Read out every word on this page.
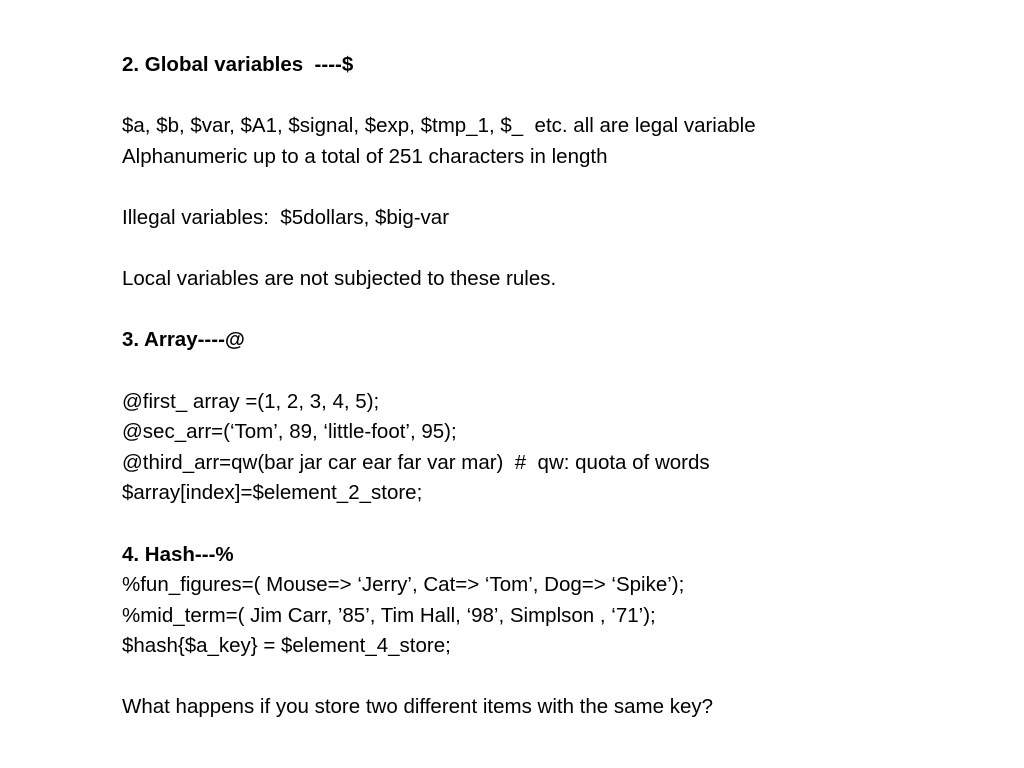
2. Global variables  ----$
$a, $b, $var, $A1, $signal, $exp, $tmp_1, $_  etc. all are legal variable
Alphanumeric up to a total of 251 characters in length
Illegal variables:  $5dollars, $big-var
Local variables are not subjected to these rules.
3. Array----@
@first_ array =(1, 2, 3, 4, 5);
@sec_arr=(‘Tom’, 89, ‘little-foot’, 95);
@third_arr=qw(bar jar car ear far var mar)  #  qw: quota of words
$array[index]=$element_2_store;
4. Hash---%
%fun_figures=( Mouse=> ‘Jerry’, Cat=> ‘Tom’, Dog=> ‘Spike’);
%mid_term=( Jim Carr, ’85’, Tim Hall, ‘98’, Simplson , ‘71’);
$hash{$a_key} = $element_4_store;
What happens if you store two different items with the same key?
